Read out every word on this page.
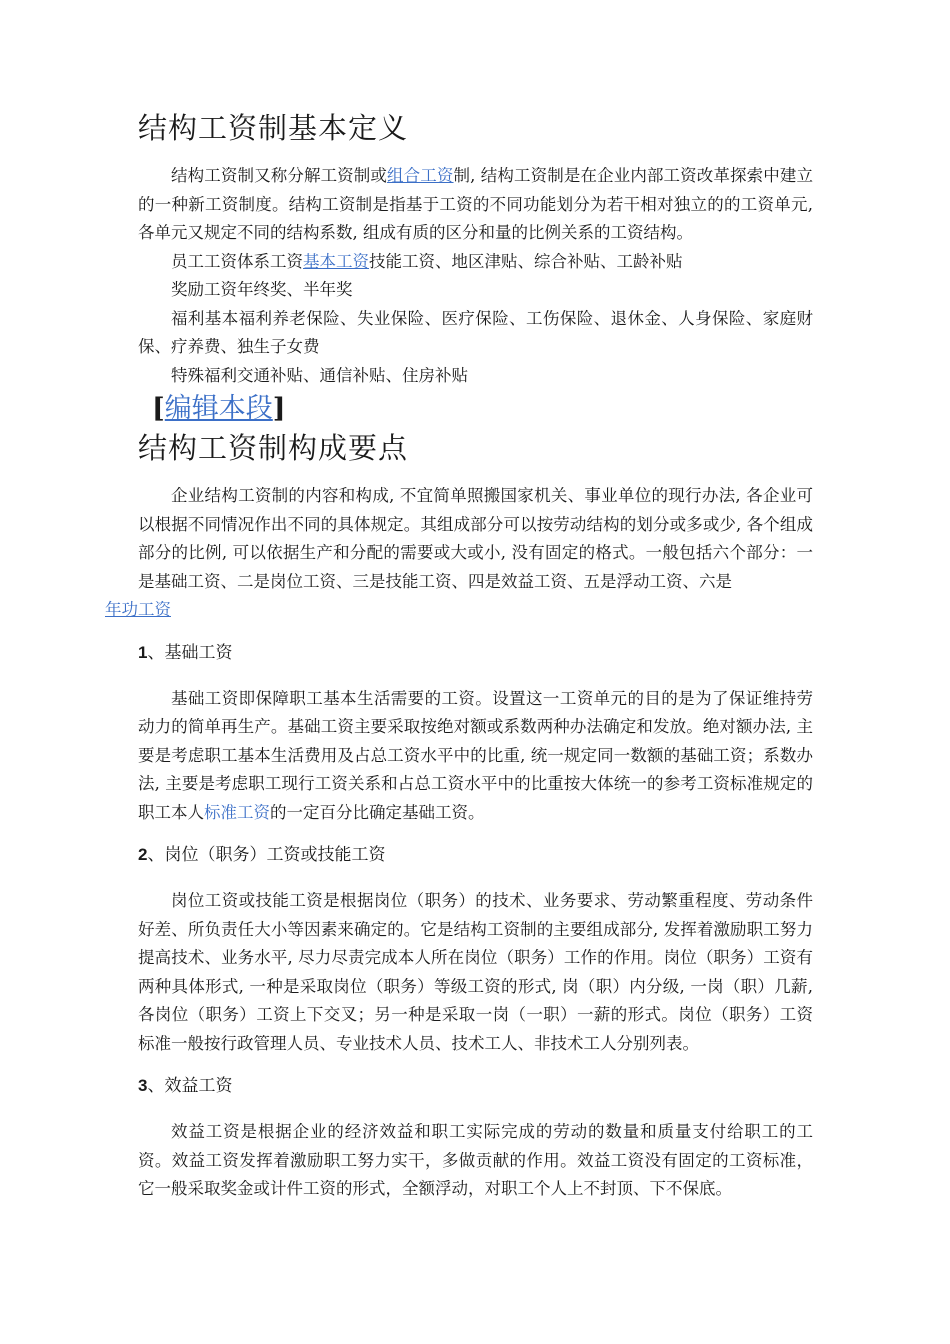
结构工资制基本定义

结构工资制又称分解工资制或组合工资制, 结构工资制是在企业内部工资改革探索中建立的一种新工资制度。结构工资制是指基于工资的不同功能划分为若干相对独立的的工资单元, 各单元又规定不同的结构系数, 组成有质的区分和量的比例关系的工资结构。

员工工资体系工资基本工资技能工资、地区津贴、综合补贴、工龄补贴

奖励工资年终奖、半年奖

福利基本福利养老保险、失业保险、医疗保险、工伤保险、退休金、人身保险、家庭财保、疗养费、独生子女费

特殊福利交通补贴、通信补贴、住房补贴

[编辑本段]
结构工资制构成要点

企业结构工资制的内容和构成, 不宜简单照搬国家机关、事业单位的现行办法, 各企业可以根据不同情况作出不同的具体规定。其组成部分可以按劳动结构的划分或多或少, 各个组成部分的比例, 可以依据生产和分配的需要或大或小, 没有固定的格式。一般包括六个部分：一是基础工资、二是岗位工资、三是技能工资、四是效益工资、五是浮动工资、六是
年功工资

1、基础工资

基础工资即保障职工基本生活需要的工资。设置这一工资单元的目的是为了保证维持劳动力的简单再生产。基础工资主要采取按绝对额或系数两种办法确定和发放。绝对额办法, 主要是考虑职工基本生活费用及占总工资水平中的比重, 统一规定同一数额的基础工资；系数办法, 主要是考虑职工现行工资关系和占总工资水平中的比重按大体统一的参考工资标准规定的职工本人标准工资的一定百分比确定基础工资。

2、岗位（职务）工资或技能工资

岗位工资或技能工资是根据岗位（职务）的技术、业务要求、劳动繁重程度、劳动条件好差、所负责任大小等因素来确定的。它是结构工资制的主要组成部分, 发挥着激励职工努力提高技术、业务水平, 尽力尽责完成本人所在岗位（职务）工作的作用。岗位（职务）工资有两种具体形式, 一种是采取岗位（职务）等级工资的形式, 岗（职）内分级, 一岗（职）几薪, 各岗位（职务）工资上下交叉；另一种是采取一岗（一职）一薪的形式。岗位（职务）工资标准一般按行政管理人员、专业技术人员、技术工人、非技术工人分别列表。

3、效益工资

效益工资是根据企业的经济效益和职工实际完成的劳动的数量和质量支付给职工的工资。效益工资发挥着激励职工努力实干，多做贡献的作用。效益工资没有固定的工资标准，它一般采取奖金或计件工资的形式，全额浮动，对职工个人上不封顶、下不保底。
